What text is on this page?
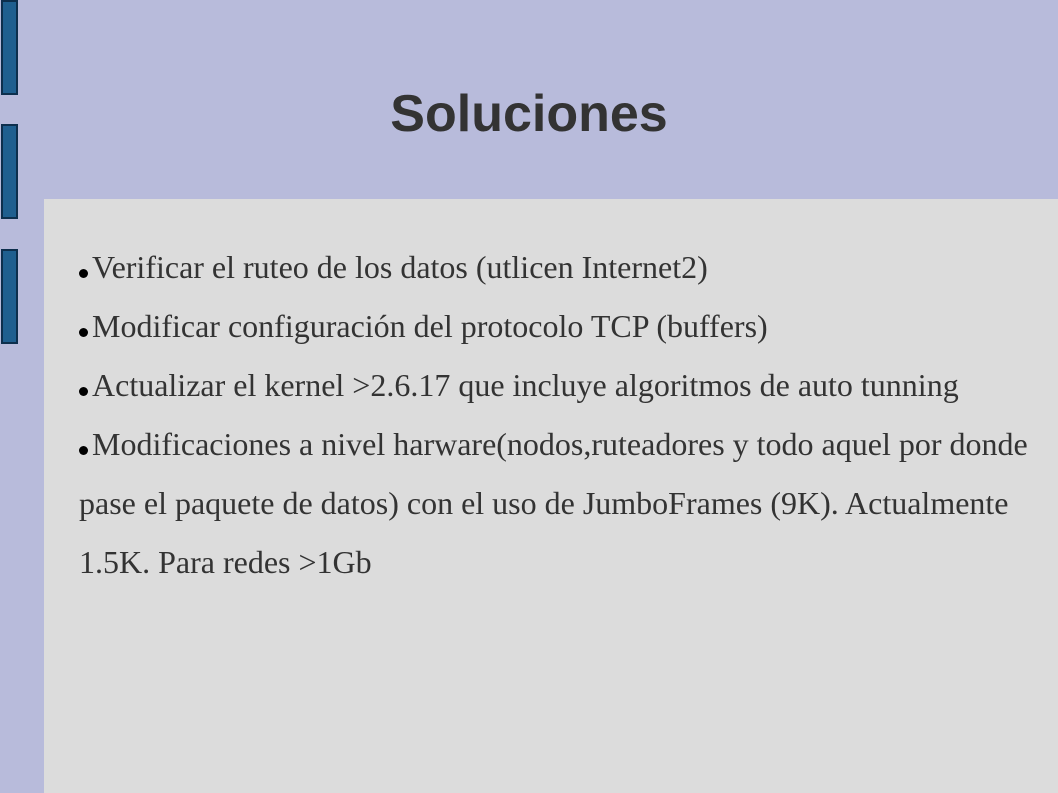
Soluciones
Verificar el ruteo de los datos (utlicen Internet2)
Modificar configuración del protocolo TCP (buffers)
Actualizar el kernel >2.6.17 que incluye algoritmos de auto tunning
Modificaciones a nivel harware(nodos,ruteadores y todo aquel por donde pase el paquete de datos) con el uso de JumboFrames (9K). Actualmente 1.5K. Para redes >1Gb
